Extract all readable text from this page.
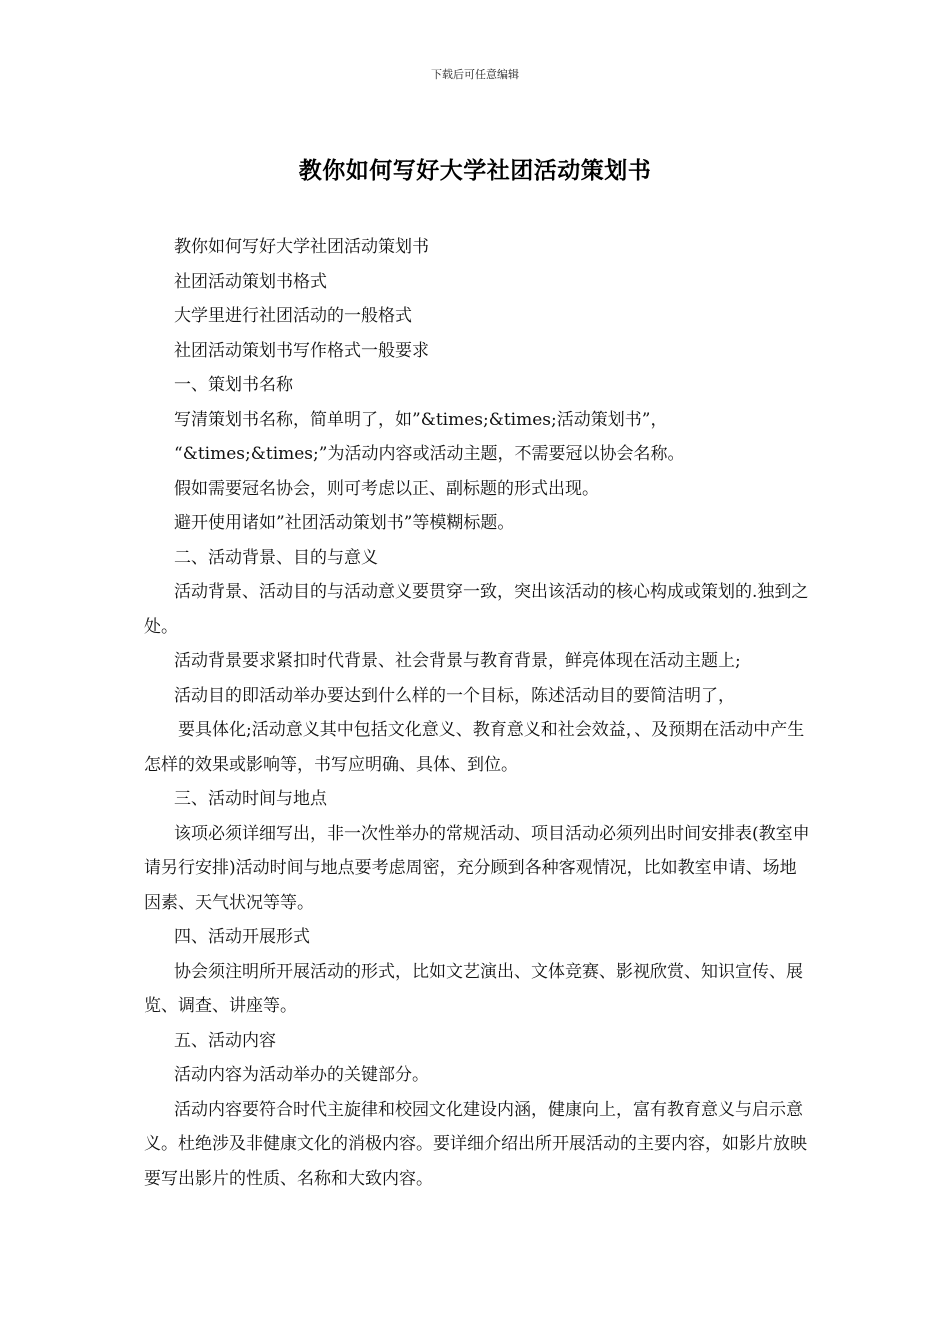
下载后可任意编辑
教你如何写好大学社团活动策划书

教你如何写好大学社团活动策划书

社团活动策划书格式

大学里进行社团活动的一般格式

社团活动策划书写作格式一般要求

一、策划书名称

写清策划书名称，简单明了，如”&times;&times;活动策划书”，

“&times;&times;”为活动内容或活动主题，不需要冠以协会名称。

假如需要冠名协会，则可考虑以正、副标题的形式出现。

避开使用诸如”社团活动策划书”等模糊标题。

二、活动背景、目的与意义

活动背景、活动目的与活动意义要贯穿一致，突出该活动的核心构成或策划的.独到之处。

活动背景要求紧扣时代背景、社会背景与教育背景，鲜亮体现在活动主题上;

活动目的即活动举办要达到什么样的一个目标，陈述活动目的要简洁明了，

要具体化;活动意义其中包括文化意义、教育意义和社会效益，、及预期在活动中产生怎样的效果或影响等，书写应明确、具体、到位。

三、活动时间与地点

该项必须详细写出，非一次性举办的常规活动、项目活动必须列出时间安排表(教室申请另行安排)活动时间与地点要考虑周密，充分顾到各种客观情况，比如教室申请、场地因素、天气状况等等。

四、活动开展形式

协会须注明所开展活动的形式，比如文艺演出、文体竞赛、影视欣赏、知识宣传、展览、调查、讲座等。

五、活动内容

活动内容为活动举办的关键部分。

活动内容要符合时代主旋律和校园文化建设内涵，健康向上，富有教育意义与启示意义。杜绝涉及非健康文化的消极内容。要详细介绍出所开展活动的主要内容，如影片放映要写出影片的性质、名称和大致内容。
